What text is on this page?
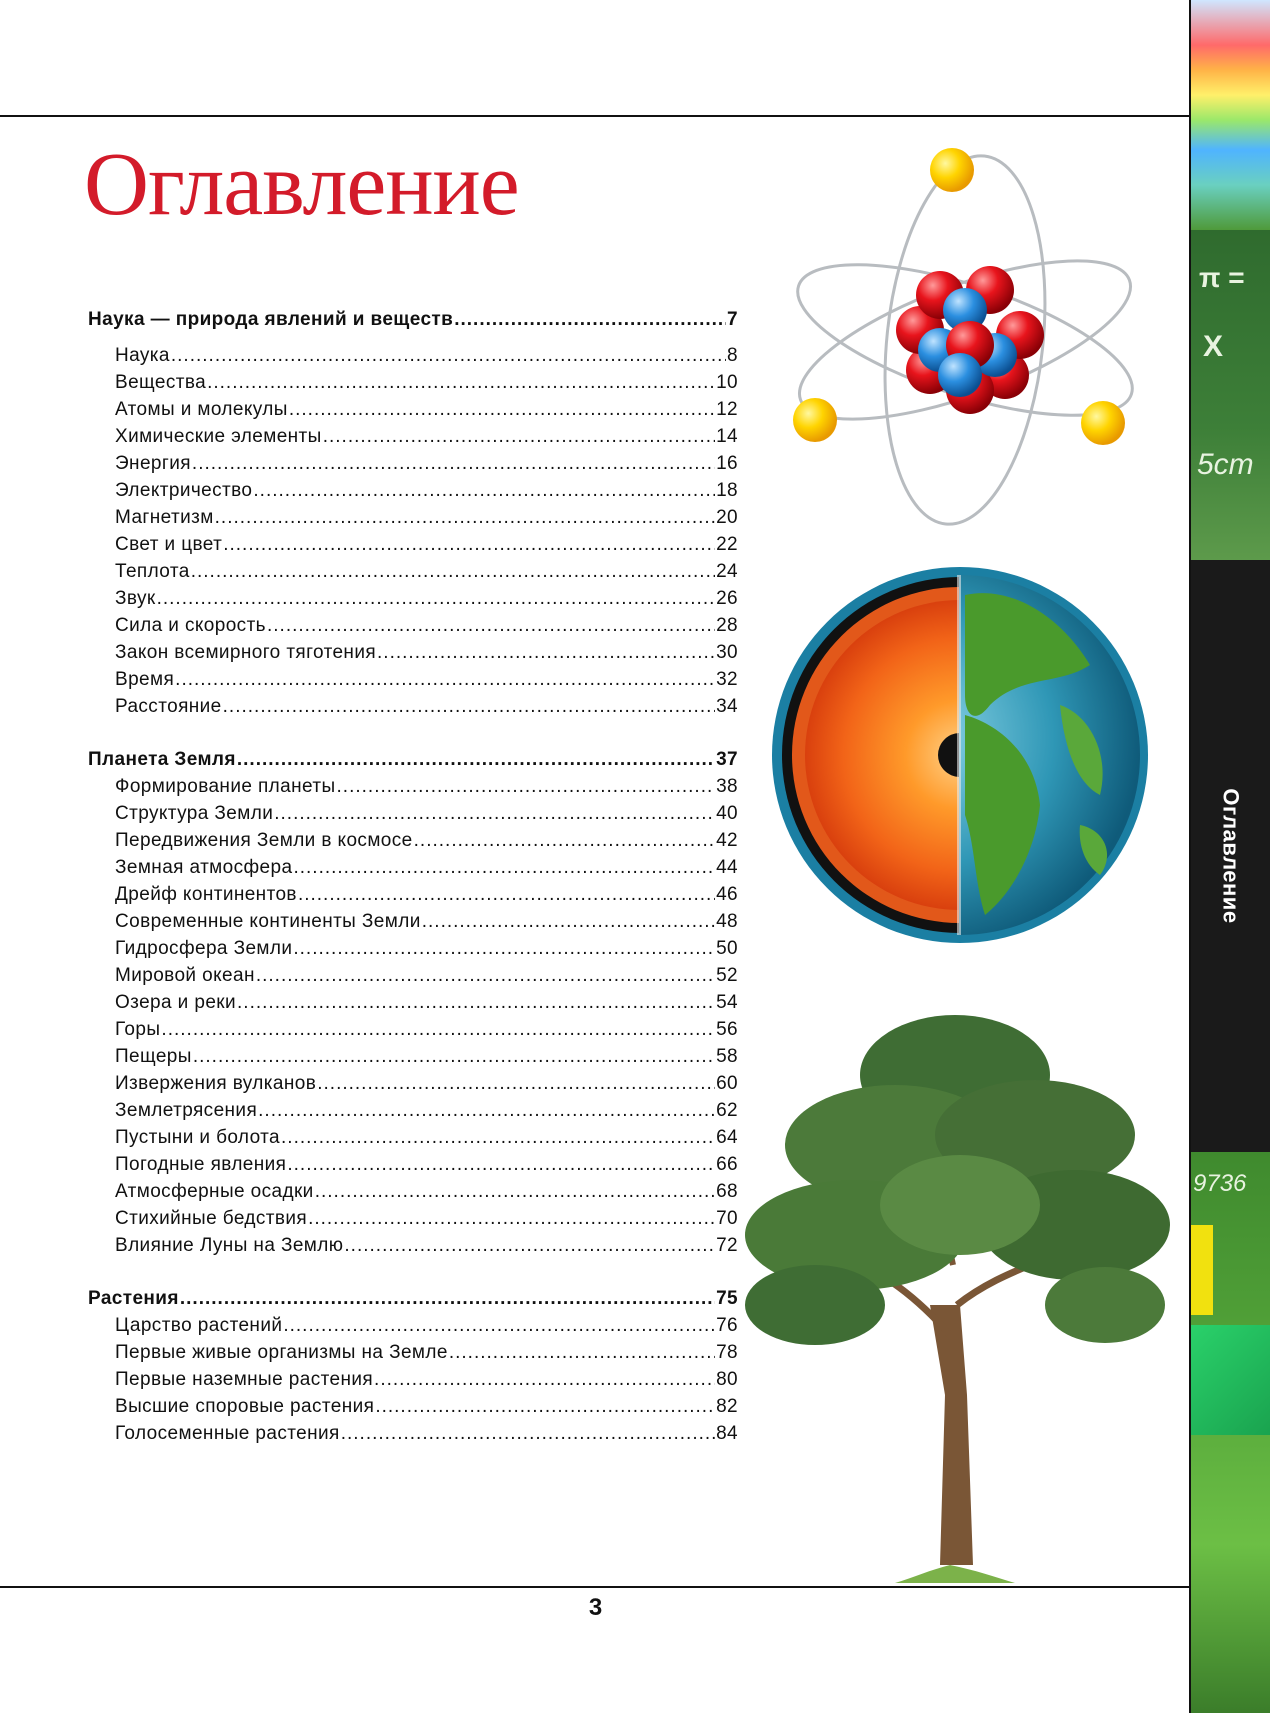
Оглавление
Наука — природа явлений и веществ .....	7
Наука .....	8
Вещества .....	10
Атомы и молекулы .....	12
Химические элементы .....	14
Энергия .....	16
Электричество .....	18
Магнетизм .....	20
Свет и цвет .....	22
Теплота .....	24
Звук .....	26
Сила и скорость .....	28
Закон всемирного тяготения .....	30
Время .....	32
Расстояние .....	34
Планета Земля .....	37
Формирование планеты .....	38
Структура Земли .....	40
Передвижения Земли в космосе .....	42
Земная атмосфера .....	44
Дрейф континентов .....	46
Современные континенты Земли .....	48
Гидросфера Земли .....	50
Мировой океан .....	52
Озера и реки .....	54
Горы .....	56
Пещеры .....	58
Извержения вулканов .....	60
Землетрясения .....	62
Пустыни и болота .....	64
Погодные явления .....	66
Атмосферные осадки .....	68
Стихийные бедствия .....	70
Влияние Луны на Землю .....	72
Растения .....	75
Царство растений .....	76
Первые живые организмы на Земле .....	78
Первые наземные растения .....	80
Высшие споровые растения .....	82
Голосеменные растения .....	84
π =
X
5cm
9736
Оглавление
3
